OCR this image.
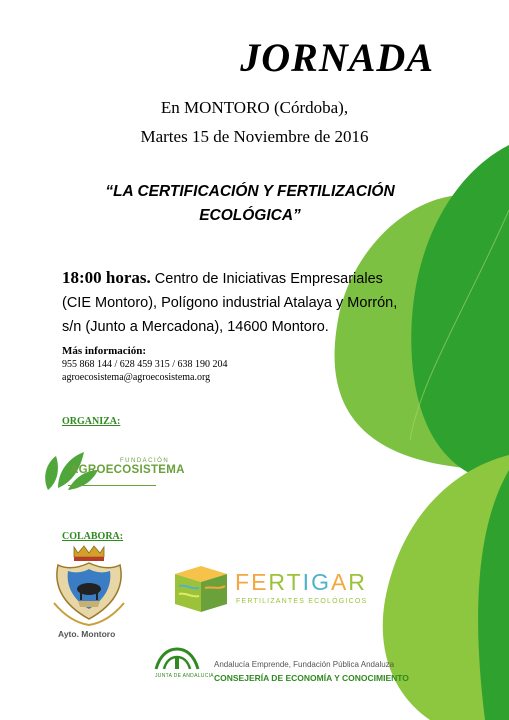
JORNADA
En MONTORO (Córdoba),
Martes 15 de Noviembre de 2016
“LA CERTIFICACIÓN Y FERTILIZACIÓN
ECOLÓGICA”
18:00 horas. Centro de Iniciativas Empresariales
(CIE Montoro), Polígono industrial Atalaya y Morrón,
s/n (Junto a Mercadona), 14600 Montoro.
Más información:
955 868 144 / 628 459 315 / 638 190 204
agroecosistema@agroecosistema.org
ORGANIZA:
FUNDACIÓN
AGROECOSISTEMA
COLABORA:
Ayto. Montoro
FERTIGAR
FERTILIZANTES ECOLÓGICOS
JUNTA DE ANDALUCIA
Andalucía Emprende, Fundación Pública Andaluza
CONSEJERÍA DE ECONOMÍA Y CONOCIMIENTO
